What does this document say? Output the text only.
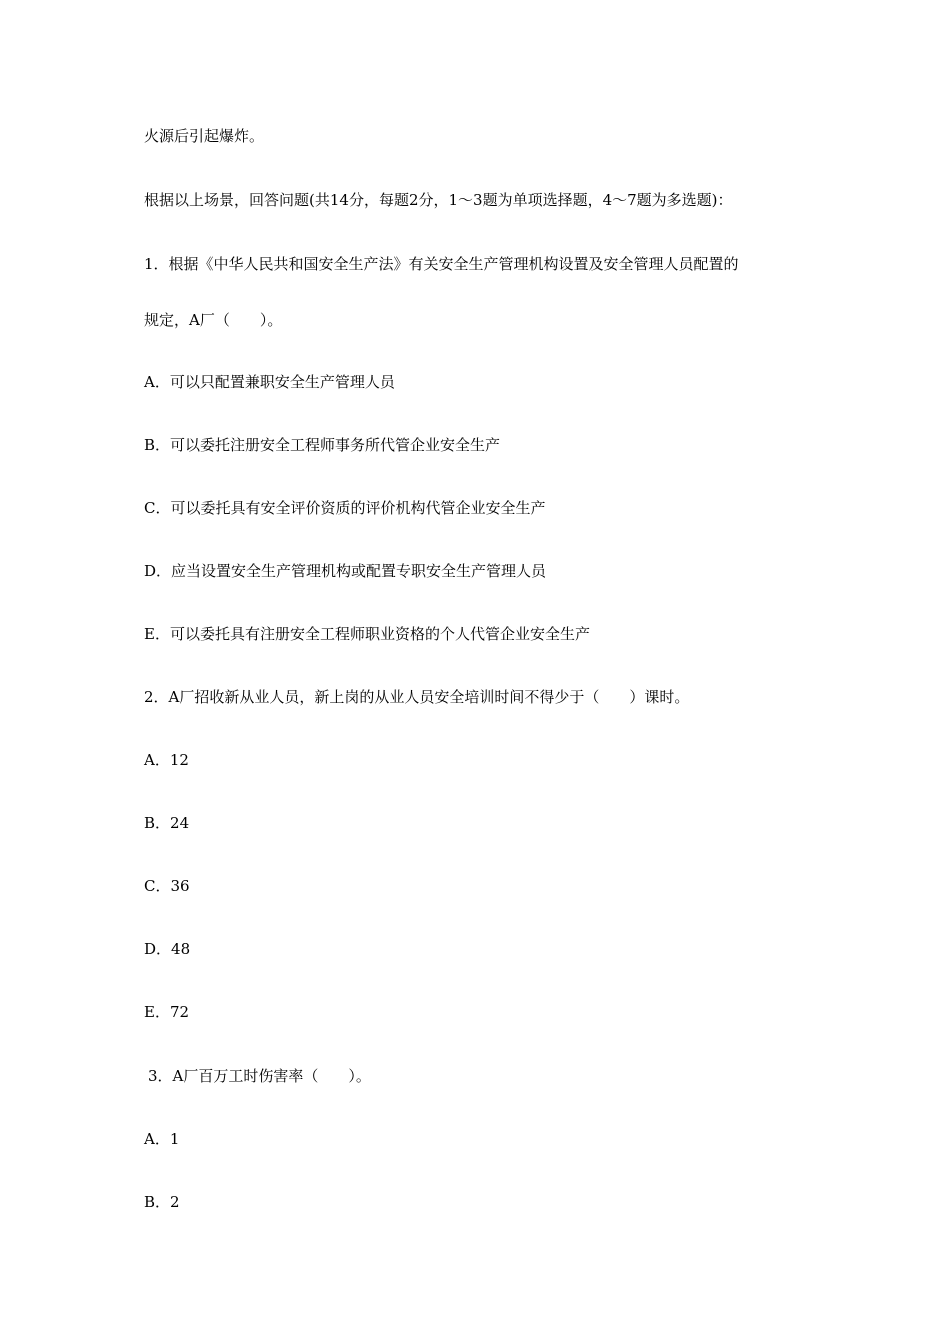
火源后引起爆炸。
根据以上场景，回答问题(共14分，每题2分，1～3题为单项选择题，4～7题为多选题)：
1．根据《中华人民共和国安全生产法》有关安全生产管理机构设置及安全管理人员配置的
规定，A厂（　　）。
A．可以只配置兼职安全生产管理人员
B．可以委托注册安全工程师事务所代管企业安全生产
C．可以委托具有安全评价资质的评价机构代管企业安全生产
D．应当设置安全生产管理机构或配置专职安全生产管理人员
E．可以委托具有注册安全工程师职业资格的个人代管企业安全生产
2．A厂招收新从业人员，新上岗的从业人员安全培训时间不得少于（　　）课时。
A．12
B．24
C．36
D．48
E．72
3．A厂百万工时伤害率（　　）。
A．1
B．2
